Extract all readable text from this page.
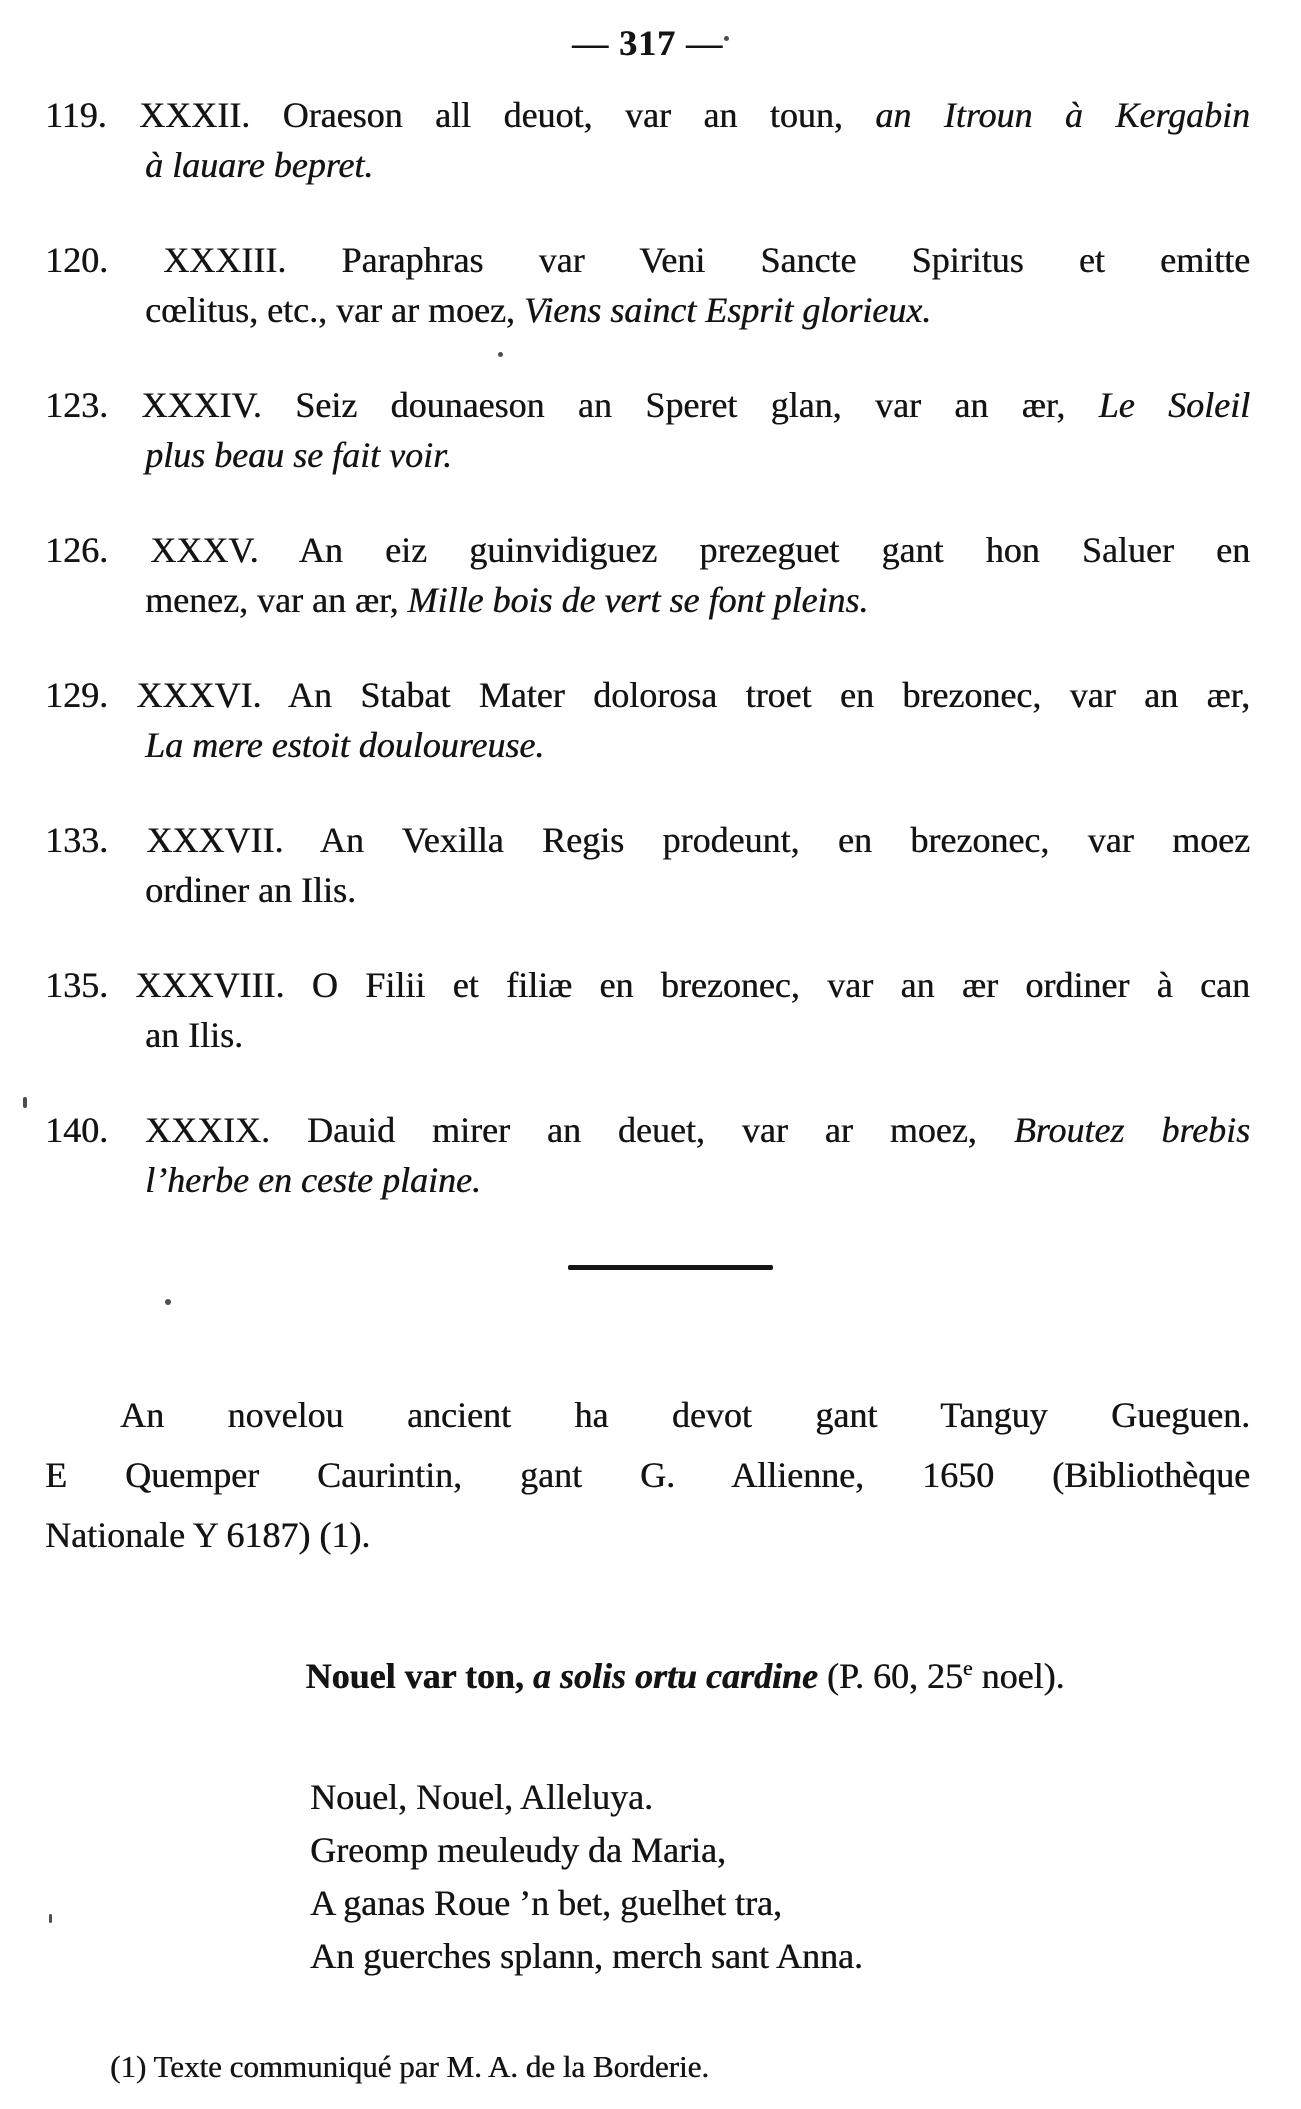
— 317 —
119. XXXII. Oraeson all deuot, var an toun, an Itroun à Kergabin
à lauare bepret.
120. XXXIII. Paraphras var Veni Sancte Spiritus et emitte
cœlitus, etc., var ar moez, Viens sainct Esprit glorieux.
123. XXXIV. Seiz dounaeson an Speret glan, var an ær, Le Soleil
plus beau se fait voir.
126. XXXV. An eiz guinvidiguez prezeguet gant hon Saluer en
menez, var an ær, Mille bois de vert se font pleins.
129. XXXVI. An Stabat Mater dolorosa troet en brezonec, var an ær,
La mere estoit douloureuse.
133. XXXVII. An Vexilla Regis prodeunt, en brezonec, var moez
ordiner an Ilis.
135. XXXVIII. O Filii et filiæ en brezonec, var an ær ordiner à can
an Ilis.
140. XXXIX. Dauid mirer an deuet, var ar moez, Broutez brebis
l’herbe en ceste plaine.
An novelou ancient ha devot gant Tanguy Gueguen.
E Quemper Caurintin, gant G. Allienne, 1650 (Bibliothèque
Nationale Y 6187) (1).
Nouel var ton, a solis ortu cardine (P. 60, 25e noel).
Nouel, Nouel, Alleluya.
Greomp meuleudy da Maria,
A ganas Roue ’n bet, guelhet tra,
An guerches splann, merch sant Anna.
(1) Texte communiqué par M. A. de la Borderie.
